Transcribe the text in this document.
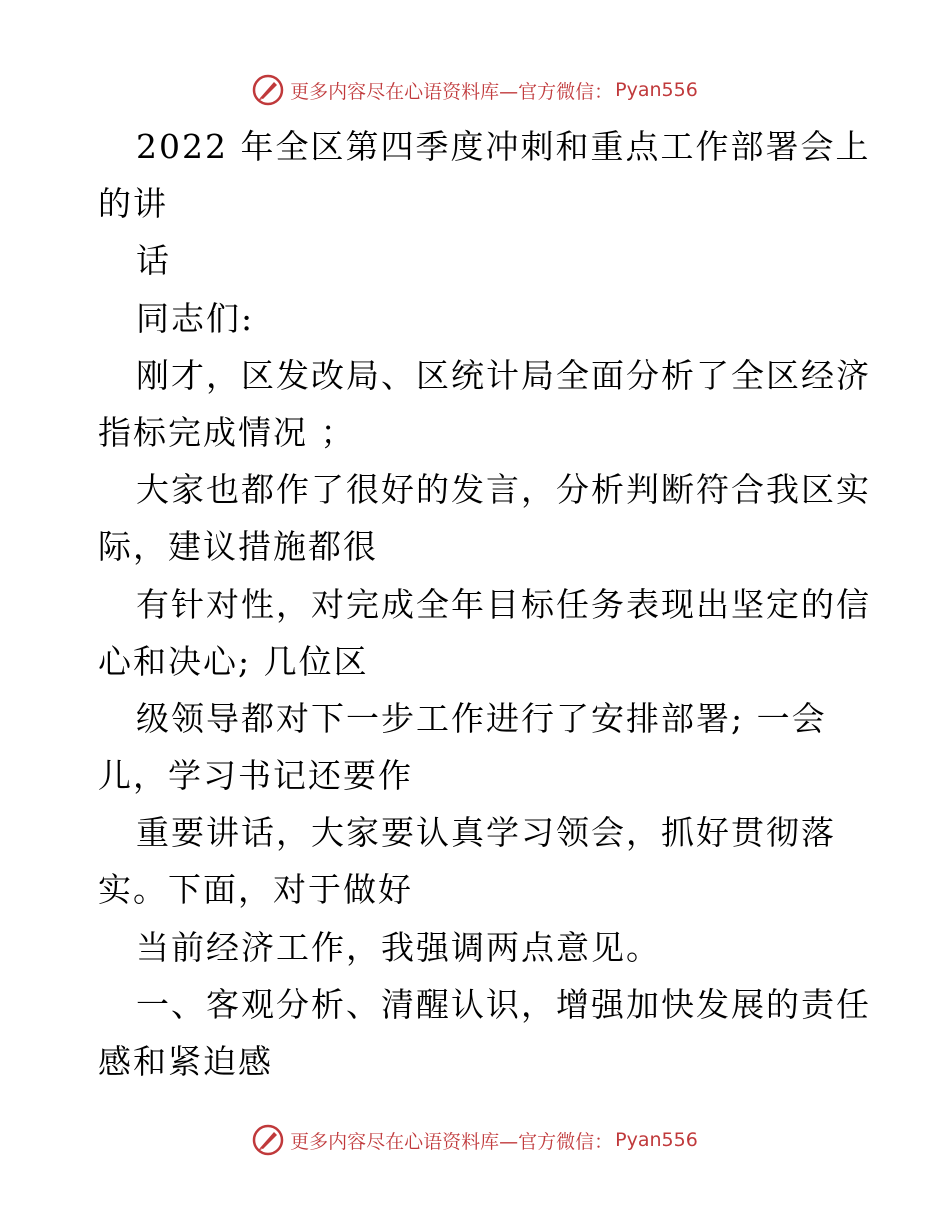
更多内容尽在心语资料库—官方微信： Pyan556
2022 年全区第四季度冲刺和重点工作部署会上
的讲
话
同志们:
刚才，区发改局、区统计局全面分析了全区经济
指标完成情况 ；
大家也都作了很好的发言，分析判断符合我区实
际，建议措施都很
有针对性，对完成全年目标任务表现出坚定的信
心和决心; 几位区
级领导都对下一步工作进行了安排部署; 一会
儿，学习书记还要作
重要讲话，大家要认真学习领会，抓好贯彻落
实。下面，对于做好
当前经济工作，我强调两点意见。
一、客观分析、清醒认识，增强加快发展的责任
感和紧迫感
更多内容尽在心语资料库—官方微信： Pyan556
